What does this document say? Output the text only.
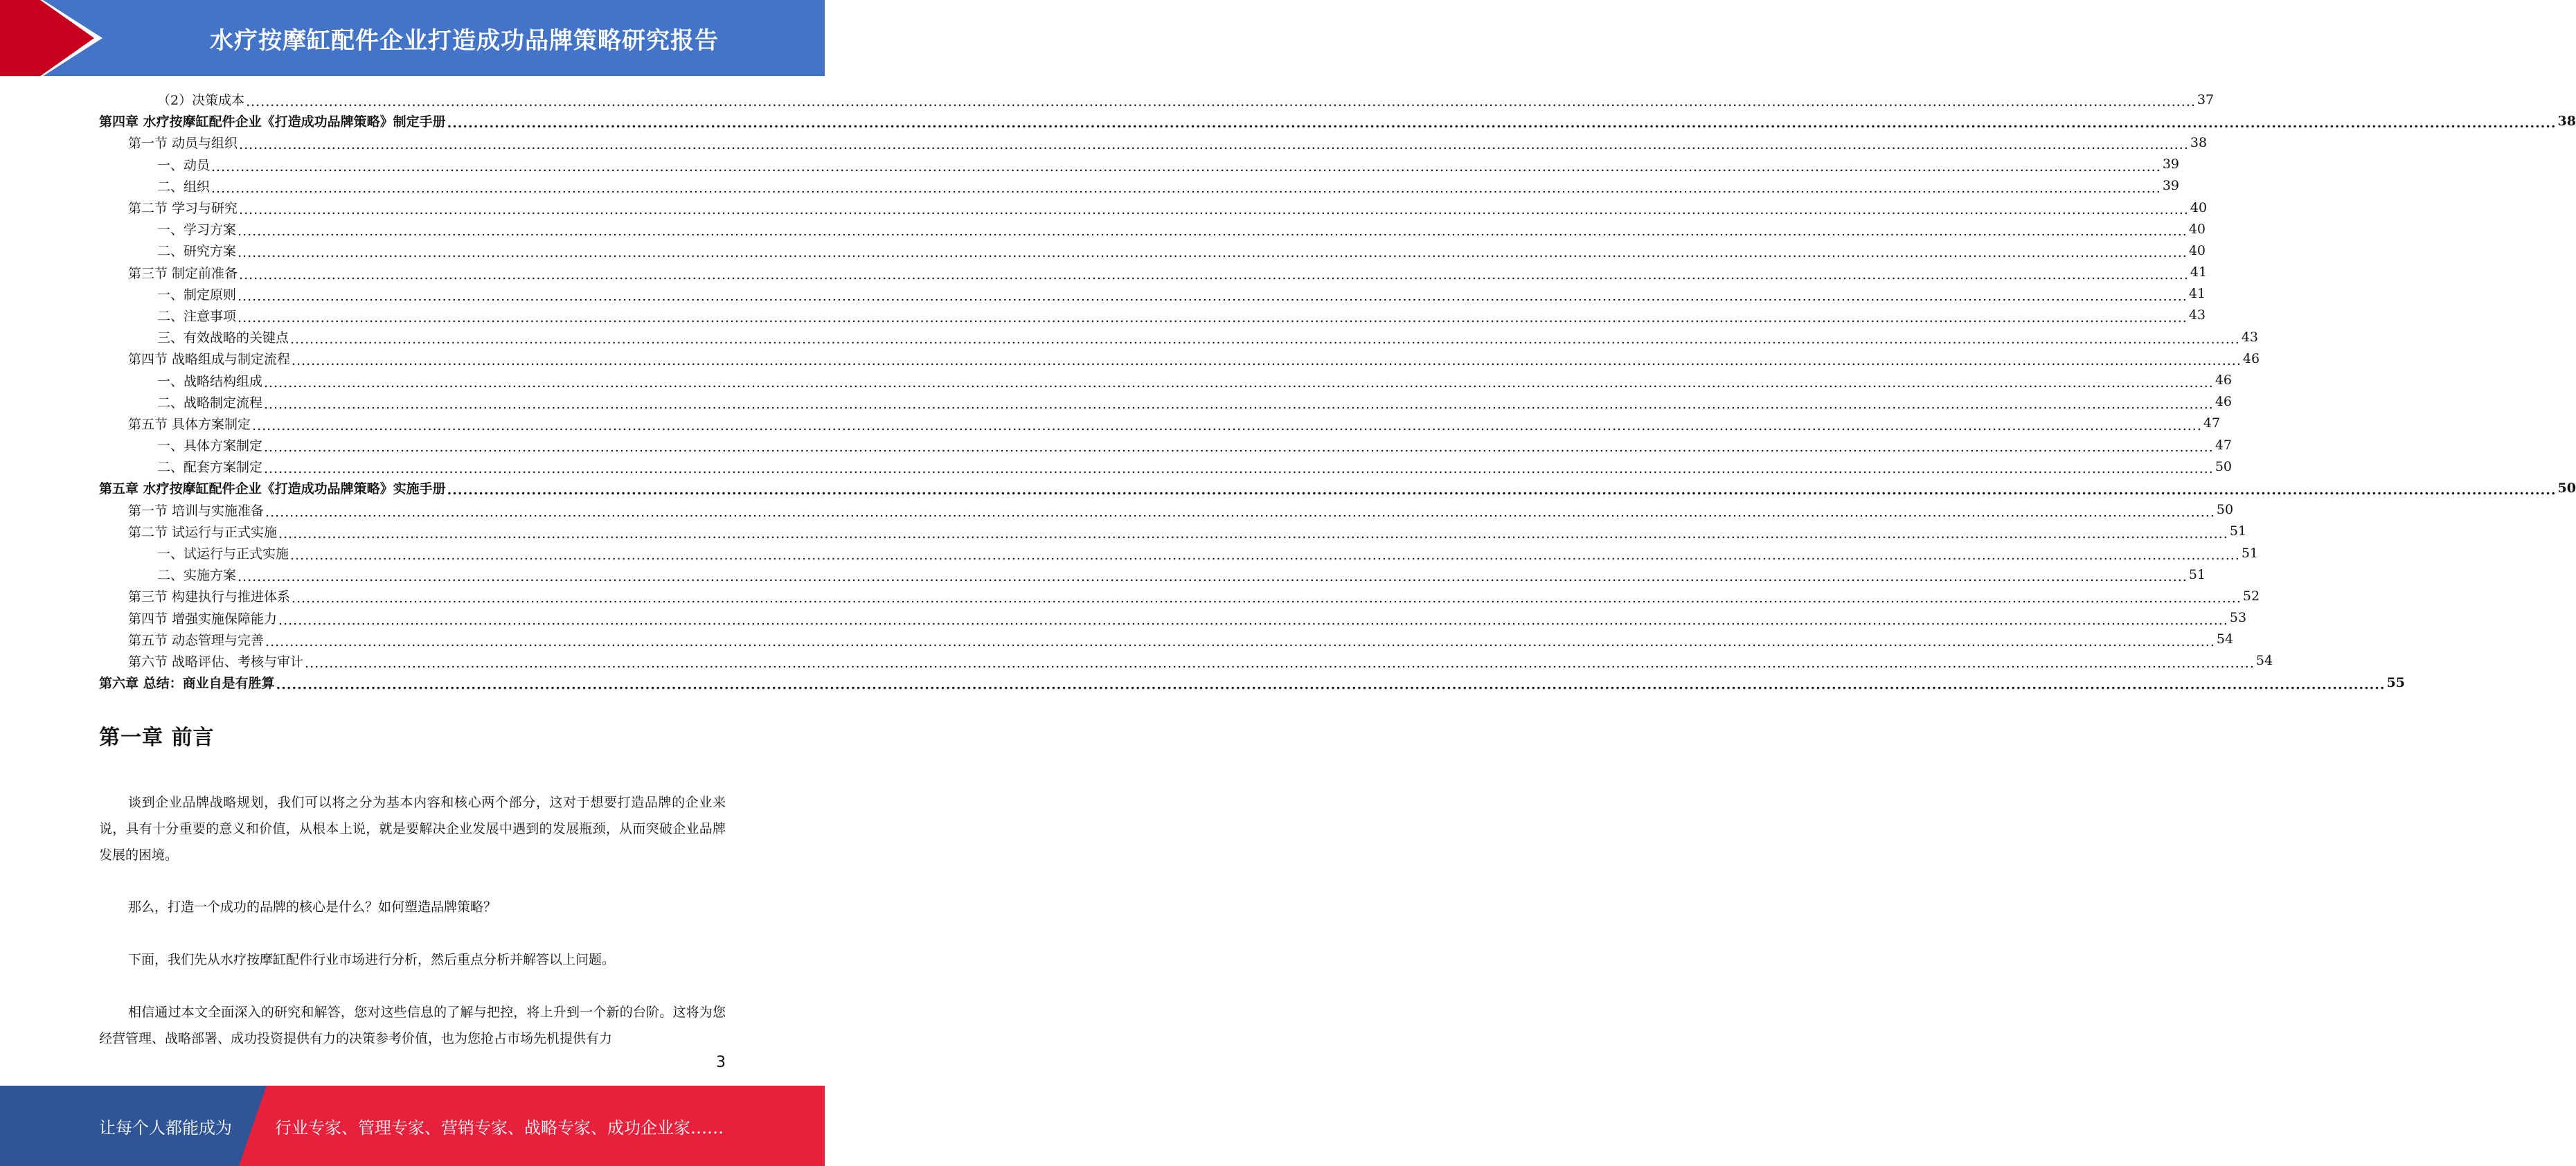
水疗按摩缸配件企业打造成功品牌策略研究报告
（2）决策成本 ................................................................................................................................................................................................................................................................................................................................................................................................................ 37
第四章 水疗按摩缸配件企业《打造成功品牌策略》制定手册 ................................................................................................................................................................................................................................................................................................................................................................................................................ 38
第一节 动员与组织 ................................................................................................................................................................................................................................................................................................................................................................................................................ 38
一、动员 ................................................................................................................................................................................................................................................................................................................................................................................................................ 39
二、组织 ................................................................................................................................................................................................................................................................................................................................................................................................................ 39
第二节 学习与研究 ................................................................................................................................................................................................................................................................................................................................................................................................................ 40
一、学习方案 ................................................................................................................................................................................................................................................................................................................................................................................................................ 40
二、研究方案 ................................................................................................................................................................................................................................................................................................................................................................................................................ 40
第三节 制定前准备 ................................................................................................................................................................................................................................................................................................................................................................................................................ 41
一、制定原则 ................................................................................................................................................................................................................................................................................................................................................................................................................ 41
二、注意事项 ................................................................................................................................................................................................................................................................................................................................................................................................................ 43
三、有效战略的关键点 ................................................................................................................................................................................................................................................................................................................................................................................................................ 43
第四节 战略组成与制定流程 ................................................................................................................................................................................................................................................................................................................................................................................................................ 46
一、战略结构组成 ................................................................................................................................................................................................................................................................................................................................................................................................................ 46
二、战略制定流程 ................................................................................................................................................................................................................................................................................................................................................................................................................ 46
第五节 具体方案制定 ................................................................................................................................................................................................................................................................................................................................................................................................................ 47
一、具体方案制定 ................................................................................................................................................................................................................................................................................................................................................................................................................ 47
二、配套方案制定 ................................................................................................................................................................................................................................................................................................................................................................................................................ 50
第五章 水疗按摩缸配件企业《打造成功品牌策略》实施手册 ................................................................................................................................................................................................................................................................................................................................................................................................................ 50
第一节 培训与实施准备 ................................................................................................................................................................................................................................................................................................................................................................................................................ 50
第二节 试运行与正式实施 ................................................................................................................................................................................................................................................................................................................................................................................................................ 51
一、试运行与正式实施 ................................................................................................................................................................................................................................................................................................................................................................................................................ 51
二、实施方案 ................................................................................................................................................................................................................................................................................................................................................................................................................ 51
第三节 构建执行与推进体系 ................................................................................................................................................................................................................................................................................................................................................................................................................ 52
第四节 增强实施保障能力 ................................................................................................................................................................................................................................................................................................................................................................................................................ 53
第五节 动态管理与完善 ................................................................................................................................................................................................................................................................................................................................................................................................................ 54
第六节 战略评估、考核与审计 ................................................................................................................................................................................................................................................................................................................................................................................................................ 54
第六章 总结：商业自是有胜算 ................................................................................................................................................................................................................................................................................................................................................................................................................ 55
第一章 前言

谈到企业品牌战略规划，我们可以将之分为基本内容和核心两个部分，这对于想要打造品牌的企业来说，具有十分重要的意义和价值，从根本上说，就是要解决企业发展中遇到的发展瓶颈，从而突破企业品牌发展的困境。

那么，打造一个成功的品牌的核心是什么？如何塑造品牌策略？

下面，我们先从水疗按摩缸配件行业市场进行分析，然后重点分析并解答以上问题。

相信通过本文全面深入的研究和解答，您对这些信息的了解与把控，将上升到一个新的台阶。这将为您经营管理、战略部署、成功投资提供有力的决策参考价值，也为您抢占市场先机提供有力

3
让每个人都能成为	行业专家、管理专家、营销专家、战略专家、成功企业家……
